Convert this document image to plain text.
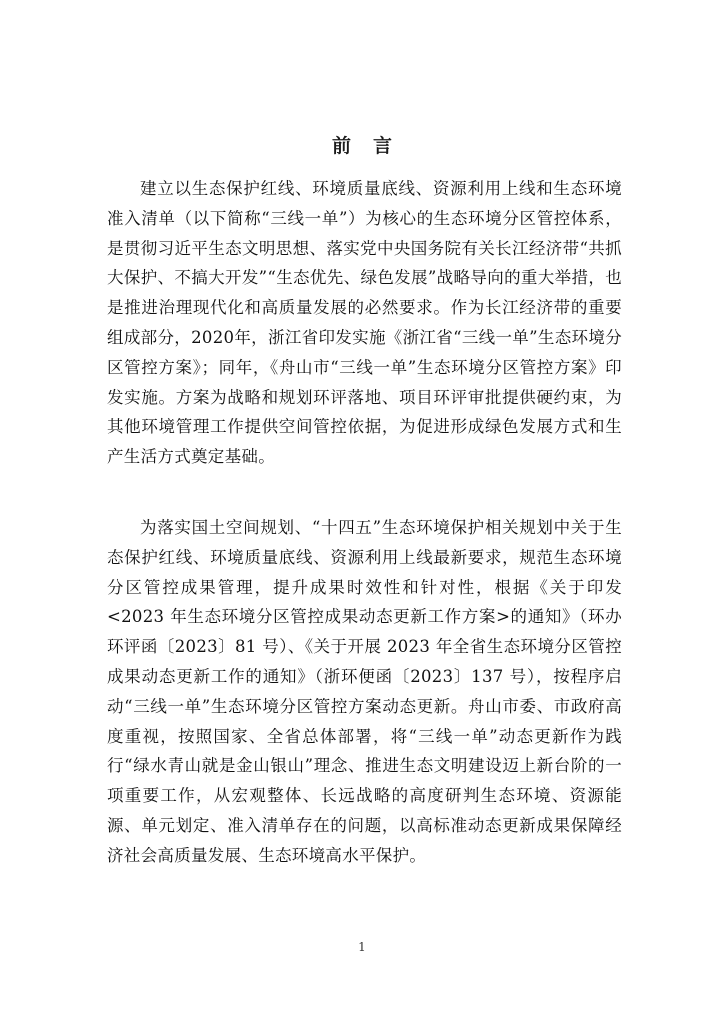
前言

建立以生态保护红线、环境质量底线、资源利用上线和生态环境准入清单（以下简称“三线一单”）为核心的生态环境分区管控体系，是贯彻习近平生态文明思想、落实党中央国务院有关长江经济带“共抓大保护、不搞大开发”“生态优先、绿色发展”战略导向的重大举措，也是推进治理现代化和高质量发展的必然要求。作为长江经济带的重要组成部分，2020年，浙江省印发实施《浙江省“三线一单”生态环境分区管控方案》；同年，《舟山市“三线一单”生态环境分区管控方案》印发实施。方案为战略和规划环评落地、项目环评审批提供硬约束，为其他环境管理工作提供空间管控依据，为促进形成绿色发展方式和生产生活方式奠定基础。

为落实国土空间规划、“十四五”生态环境保护相关规划中关于生态保护红线、环境质量底线、资源利用上线最新要求，规范生态环境分区管控成果管理，提升成果时效性和针对性，根据《关于印发<2023 年生态环境分区管控成果动态更新工作方案>的通知》（环办环评函〔2023〕81 号）、《关于开展 2023 年全省生态环境分区管控成果动态更新工作的通知》（浙环便函〔2023〕137 号），按程序启动“三线一单”生态环境分区管控方案动态更新。舟山市委、市政府高度重视，按照国家、全省总体部署，将“三线一单”动态更新作为践行“绿水青山就是金山银山”理念、推进生态文明建设迈上新台阶的一项重要工作，从宏观整体、长远战略的高度研判生态环境、资源能源、单元划定、准入清单存在的问题，以高标准动态更新成果保障经济社会高质量发展、生态环境高水平保护。

1
